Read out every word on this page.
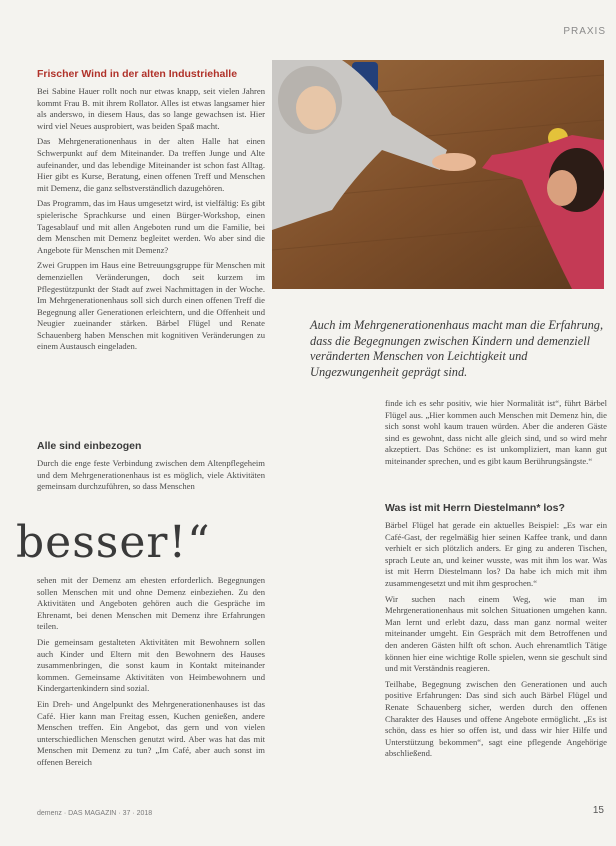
PRAXIS
Frischer Wind in der alten Industriehalle

Bei Sabine Hauer rollt noch nur etwas knapp, seit vielen Jahren kommt Frau B. mit ihrem Rollator. Alles ist etwas langsamer hier als anderswo, in diesem Haus, das so lange gewachsen ist. Hier wird viel Neues ausprobiert, was beiden Spaß macht.

Das Mehrgenerationenhaus in der alten Halle hat einen Schwerpunkt auf dem Miteinander. Da treffen Junge und Alte aufeinander, und das lebendige Miteinander ist schon fast Alltag. Hier gibt es Kurse, Beratung, einen offenen Treff und Menschen mit Demenz, die ganz selbstverständlich dazugehören.

Das Programm, das im Haus umgesetzt wird, ist vielfältig: Es gibt spielerische Sprachkurse und einen Bürger-Workshop, einen Tagesablauf und mit allen Angeboten rund um die Familie, bei dem Menschen mit Demenz begleitet werden. Wo aber sind die Angebote für Menschen mit Demenz?

Zwei Gruppen im Haus eine Betreuungsgruppe für Menschen mit demenziellen Veränderungen, doch seit kurzem im Pflegestützpunkt der Stadt auf zwei Nachmittagen in der Woche. Im Mehrgenerationenhaus soll sich durch einen offenen Treff die Begegnung aller Generationen erleichtern, und die Offenheit und Neugier zueinander stärken. Bärbel Flügel und Renate Schauenberg haben Menschen mit kognitiven Veränderungen zu einem Austausch eingeladen.

Alle sind einbezogen

Durch die enge feste Verbindung zwischen dem Altenpflegeheim und dem Mehrgenerationenhaus ist es möglich, viele Aktivitäten gemeinsam durchzuführen, so dass Menschen

besser!“

sehen mit der Demenz am ehesten erforderlich. Begegnungen sollen Menschen mit und ohne Demenz einbeziehen. Zu den Aktivitäten und Angeboten gehören auch die Gespräche im Ehrenamt, bei denen Menschen mit Demenz ihre Erfahrungen teilen.

Die gemeinsam gestalteten Aktivitäten mit Bewohnern sollen auch Kinder und Eltern mit den Bewohnern des Hauses zusammenbringen, die sonst kaum in Kontakt miteinander kommen. Gemeinsame Aktivitäten von Heimbewohnern und Kindergartenkindern sind sozial.

Ein Dreh- und Angelpunkt des Mehrgenerationenhauses ist das Café. Hier kann man Freitag essen, Kuchen genießen, andere Menschen treffen. Ein Angebot, das gern und von vielen unterschiedlichen Menschen genutzt wird. Aber was hat das mit Menschen mit Demenz zu tun? „Im Café, aber auch sonst im offenen Bereich

Auch im Mehrgenerationenhaus macht man die Erfahrung, dass die Begegnungen zwischen Kindern und demenziell veränderten Menschen von Leichtigkeit und Ungezwungenheit geprägt sind.

finde ich es sehr positiv, wie hier Normalität ist“, führt Bärbel Flügel aus. „Hier kommen auch Menschen mit Demenz hin, die sich sonst wohl kaum trauen würden. Aber die anderen Gäste sind es gewohnt, dass nicht alle gleich sind, und so wird mehr akzeptiert. Das Schöne: es ist unkompliziert, man kann gut miteinander sprechen, und es gibt kaum Berührungsängste.“

Was ist mit Herrn Diestelmann* los?

Bärbel Flügel hat gerade ein aktuelles Beispiel: „Es war ein Café-Gast, der regelmäßig hier seinen Kaffee trank, und dann verhielt er sich plötzlich anders. Er ging zu anderen Tischen, sprach Leute an, und keiner wusste, was mit ihm los war. Was ist mit Herrn Diestelmann los? Da habe ich mich mit ihm zusammengesetzt und mit ihm gesprochen.“

Wir suchen nach einem Weg, wie man im Mehrgenerationenhaus mit solchen Situationen umgehen kann. Man lernt und erlebt dazu, dass man ganz normal weiter miteinander umgeht. Ein Gespräch mit dem Betroffenen und den anderen Gästen hilft oft schon. Auch ehrenamtlich Tätige können hier eine wichtige Rolle spielen, wenn sie geschult sind und mit Verständnis reagieren.

Teilhabe, Begegnung zwischen den Generationen und auch positive Erfahrungen: Das sind sich auch Bärbel Flügel und Renate Schauenberg sicher, werden durch den offenen Charakter des Hauses und offene Angebote ermöglicht. „Es ist schön, dass es hier so offen ist, und dass wir hier Hilfe und Unterstützung bekommen“, sagt eine pflegende Angehörige abschließend.

demenz · DAS MAGAZIN · 37 · 2018	15
